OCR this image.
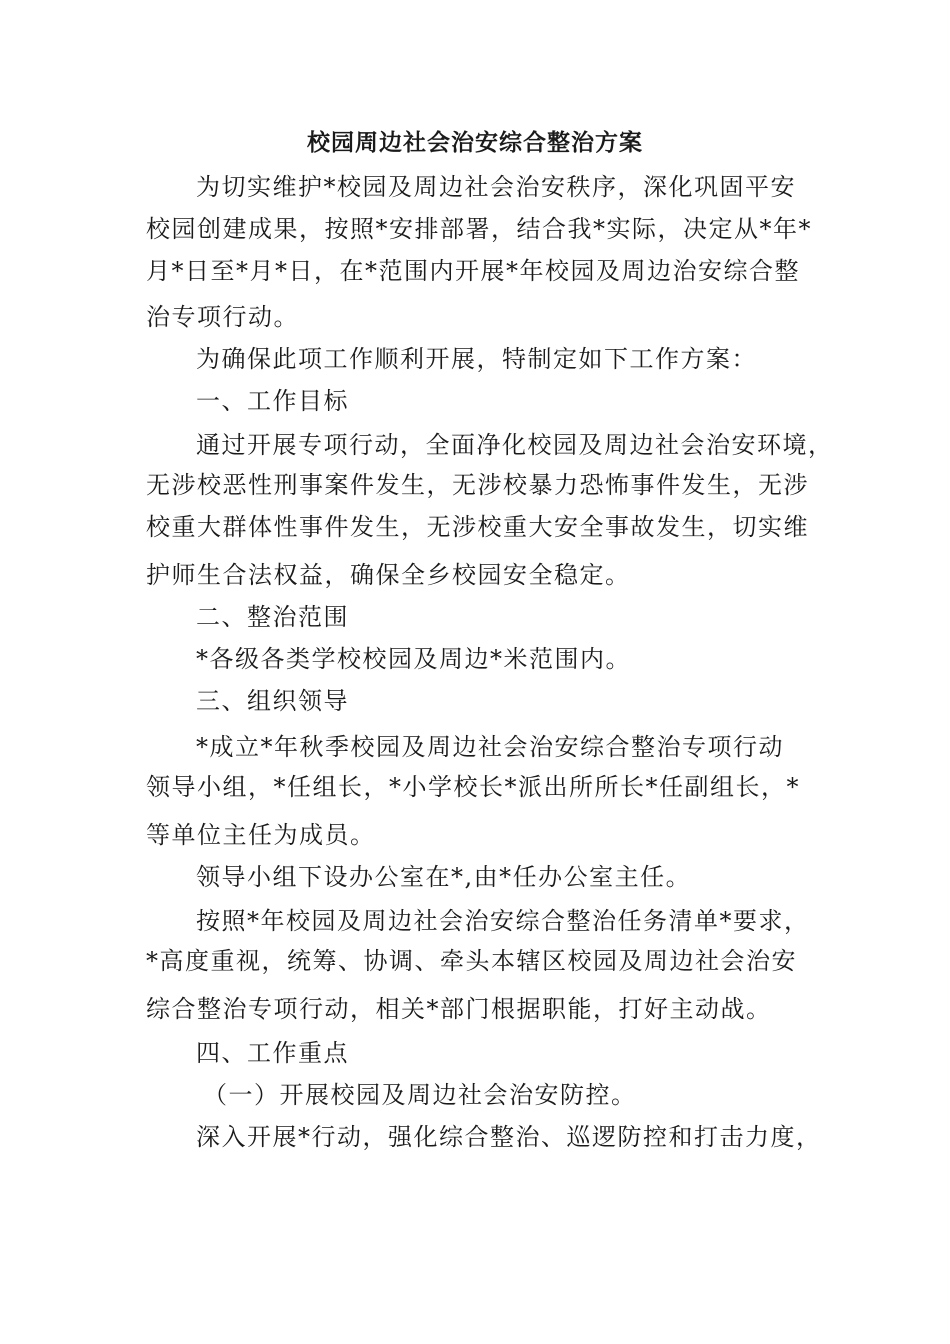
校园周边社会治安综合整治方案
为切实维护*校园及周边社会治安秩序，深化巩固平安
校园创建成果，按照*安排部署，结合我*实际，决定从*年*
月*日至*月*日，在*范围内开展*年校园及周边治安综合整
治专项行动。
为确保此项工作顺利开展，特制定如下工作方案：
一、工作目标
通过开展专项行动，全面净化校园及周边社会治安环境，
无涉校恶性刑事案件发生，无涉校暴力恐怖事件发生，无涉
校重大群体性事件发生，无涉校重大安全事故发生，切实维
护师生合法权益，确保全乡校园安全稳定。
二、整治范围
*各级各类学校校园及周边*米范围内。
三、组织领导
*成立*年秋季校园及周边社会治安综合整治专项行动
领导小组，*任组长，*小学校长*派出所所长*任副组长，*
等单位主任为成员。
领导小组下设办公室在*,由*任办公室主任。
按照*年校园及周边社会治安综合整治任务清单*要求，
*高度重视，统筹、协调、牵头本辖区校园及周边社会治安
综合整治专项行动，相关*部门根据职能，打好主动战。
四、工作重点
（一）开展校园及周边社会治安防控。
深入开展*行动，强化综合整治、巡逻防控和打击力度，
